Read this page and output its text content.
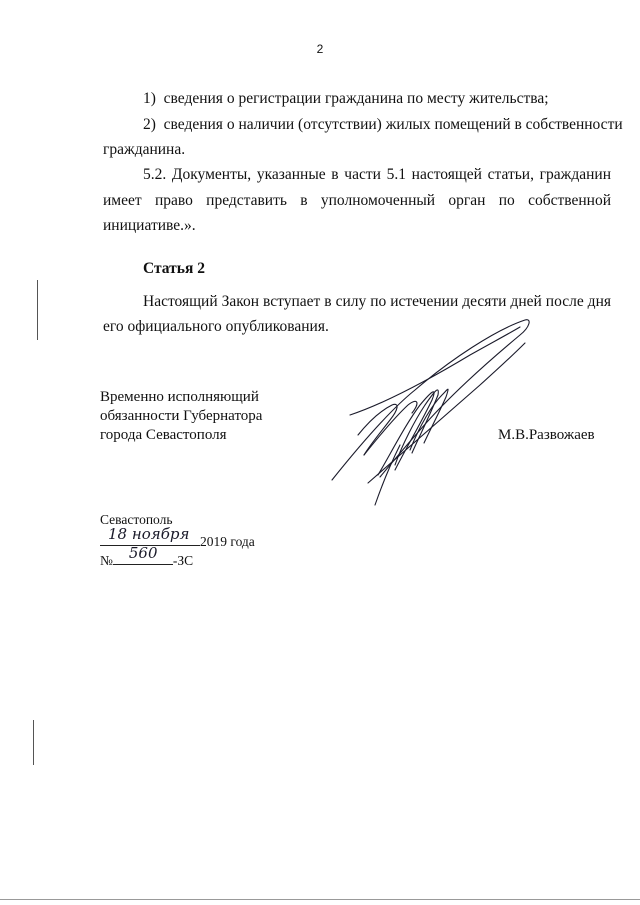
2
1) сведения о регистрации гражданина по месту жительства;
2) сведения о наличии (отсутствии) жилых помещений в собственности
гражданина.
5.2. Документы, указанные в части 5.1 настоящей статьи, гражданин
имеет право представить в уполномоченный орган по собственной
инициативе.».
Статья 2
Настоящий Закон вступает в силу по истечении десяти дней после дня
его официального опубликования.
Временно исполняющий
обязанности Губернатора
города Севастополя	М.В.Развожаев
Севастополь
18 ноября 2019 года
№ 560 -ЗС
